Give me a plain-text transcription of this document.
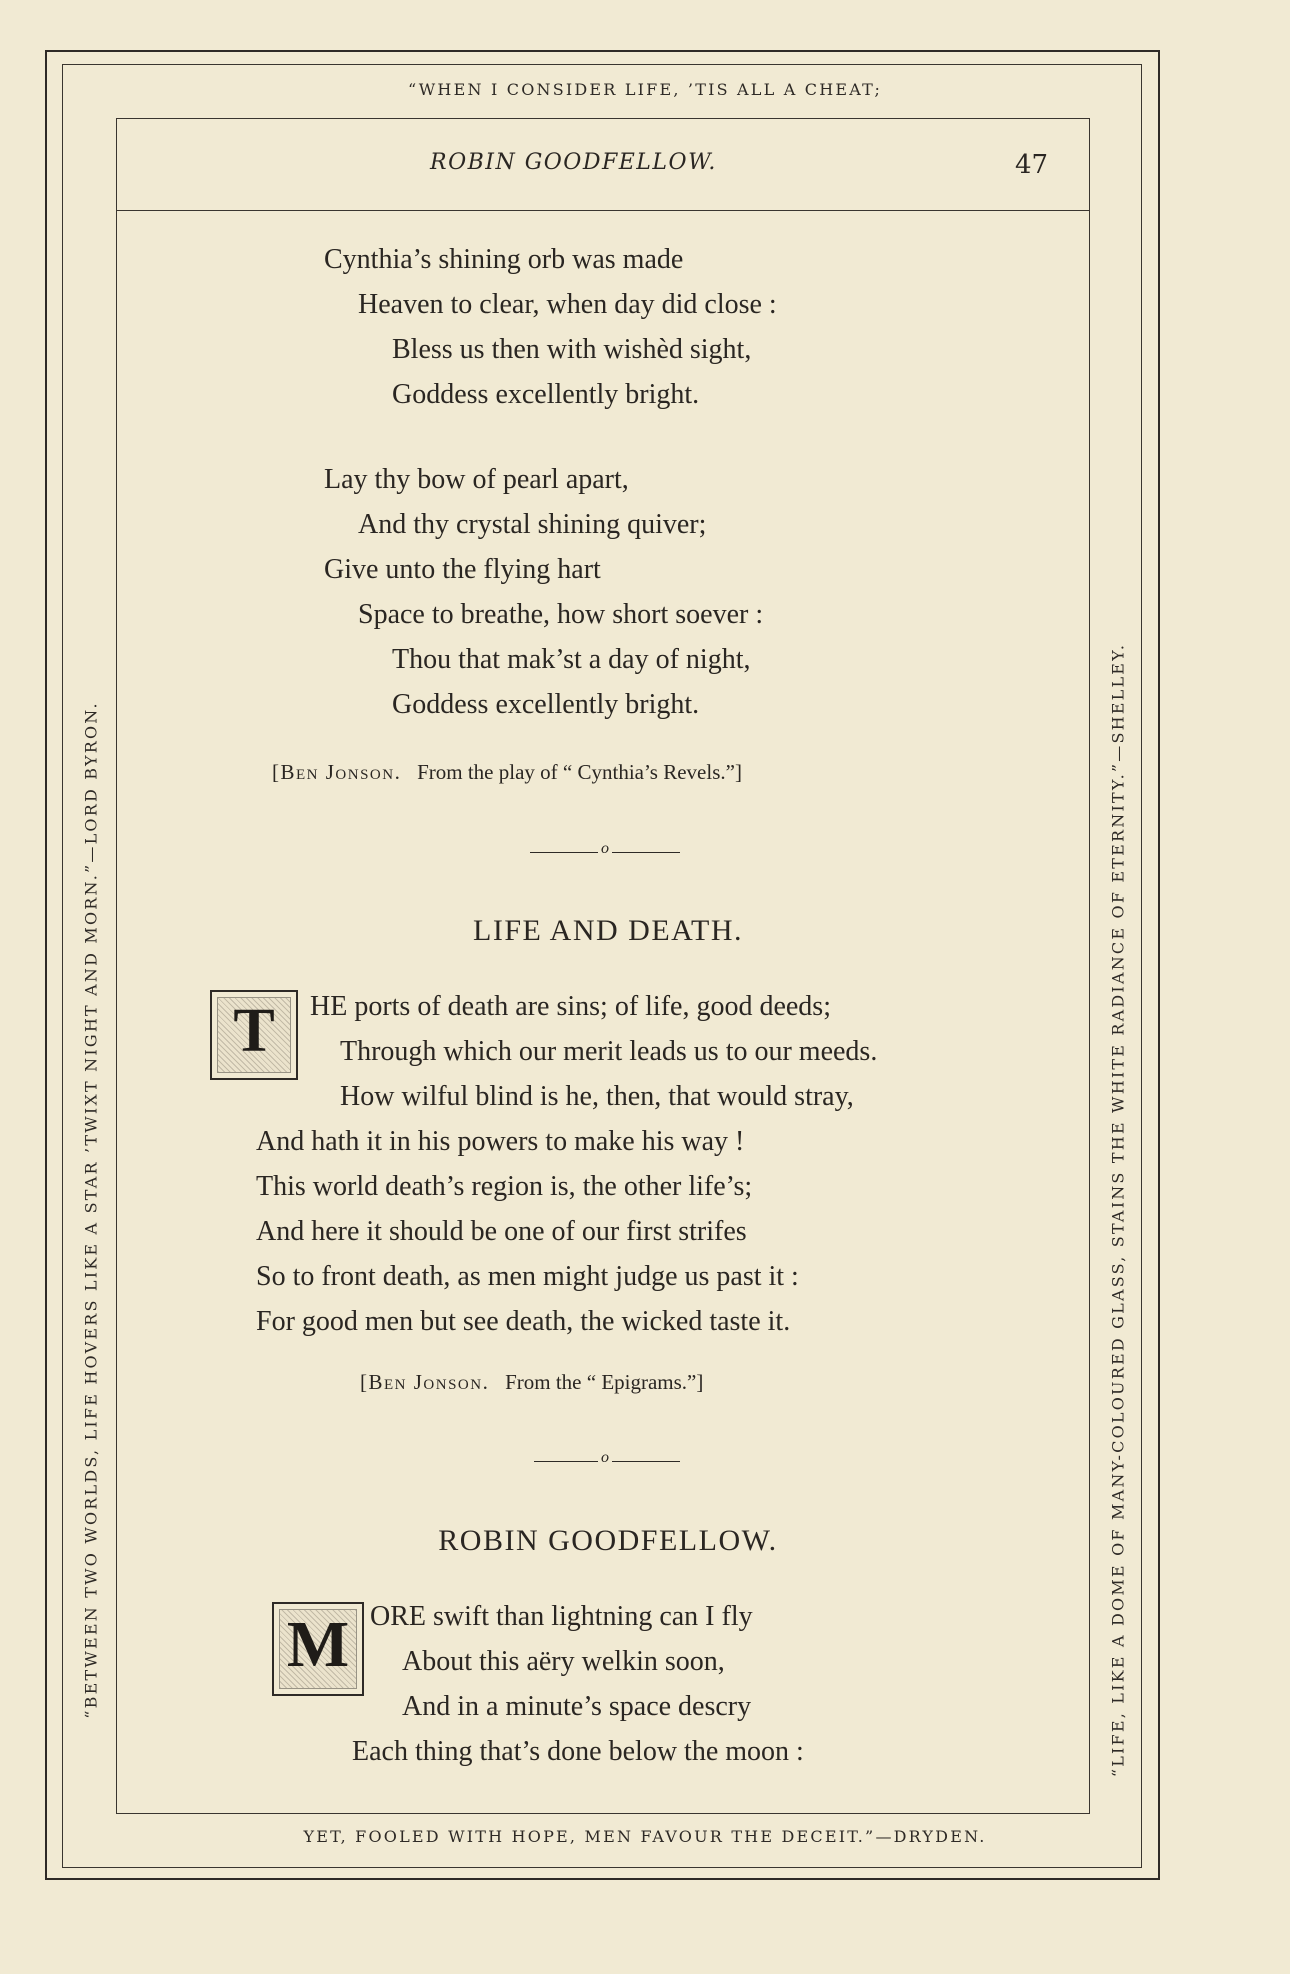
“WHEN I CONSIDER LIFE, ’TIS ALL A CHEAT;
YET, FOOLED WITH HOPE, MEN FAVOUR THE DECEIT.”—DRYDEN.
“BETWEEN TWO WORLDS, LIFE HOVERS LIKE A STAR ’TWIXT NIGHT AND MORN.”—LORD BYRON.	“LIFE, LIKE A DOME OF MANY-COLOURED GLASS, STAINS THE WHITE RADIANCE OF ETERNITY.”—SHELLEY.
ROBIN GOODFELLOW.	47
Cynthia’s shining orb was made
Heaven to clear, when day did close :
Bless us then with wishèd sight,
Goddess excellently bright.
Lay thy bow of pearl apart,
And thy crystal shining quiver;
Give unto the flying hart
Space to breathe, how short soever :
Thou that mak’st a day of night,
Goddess excellently bright.
[Ben Jonson. From the play of “ Cynthia’s Revels.”]
o
LIFE AND DEATH.
T	HE ports of death are sins; of life, good deeds;
Through which our merit leads us to our meeds.
How wilful blind is he, then, that would stray,
And hath it in his powers to make his way !
This world death’s region is, the other life’s;
And here it should be one of our first strifes
So to front death, as men might judge us past it :
For good men but see death, the wicked taste it.
[Ben Jonson. From the “ Epigrams.”]
o
ROBIN GOODFELLOW.
M ORE swift than lightning can I fly
About this aëry welkin soon,
And in a minute’s space descry
Each thing that’s done below the moon :
